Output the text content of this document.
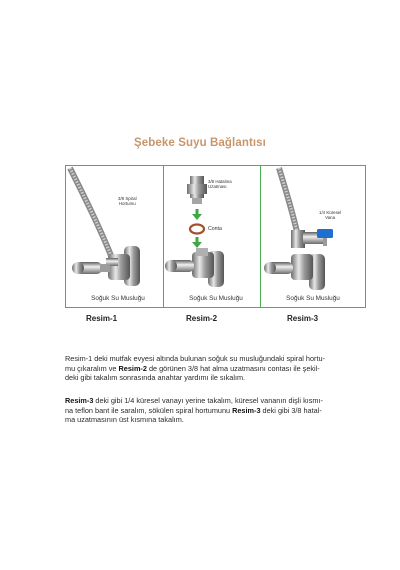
Şebeke Suyu Bağlantısı
3/8 Spiral
Hortumu
Soğuk Su Musluğu
3/8 Hatalma
Uzatması
Conta
Soğuk Su Musluğu
1/4 Küresel
Vana
Soğuk Su Musluğu
Resim-1	Resim-2	Resim-3
Resim-1 deki mutfak evyesi altında bulunan soğuk su musluğundaki spiral hortu-
mu çıkaralım ve Resim-2 de görünen 3/8 hat alma uzatmasını contası ile şekil-
deki gibi takalım sonrasında anahtar yardımı ile sıkalım.
Resim-3 deki gibi 1/4 küresel vanayı yerine takalım, küresel vananın dişli kısmı-
na teflon bant ile saralım, sökülen spiral hortumunu Resim-3 deki gibi 3/8 hatal-
ma uzatmasının üst kısmına takalım.
